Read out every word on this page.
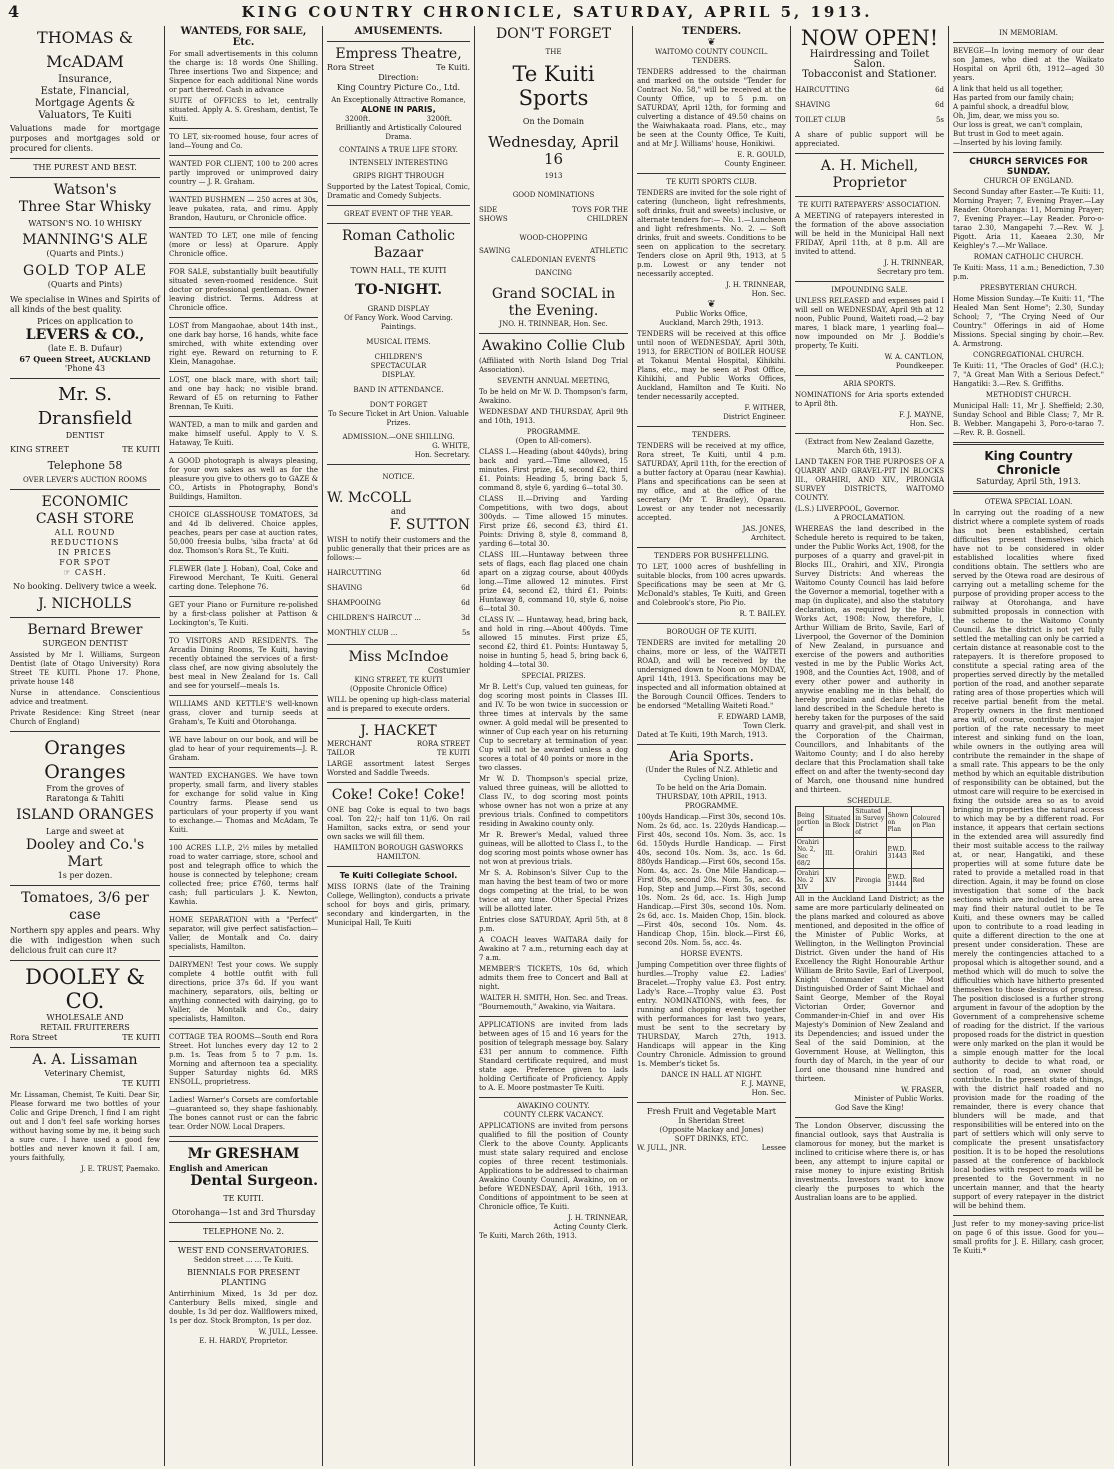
4	KING COUNTRY CHRONICLE, SATURDAY, APRIL 5, 1913.
THOMAS & McADAM
Insurance,
Estate, Financial,
Mortgage Agents &
Valuators, Te Kuiti

Valuations made for mortgage purposes and mortgages sold or procured for clients.

THE PUREST AND BEST.
Watson's
Three Star Whisky
WATSON'S NO. 10 WHISKY
MANNING'S ALE
(Quarts and Pints.)
GOLD TOP ALE
(Quarts and Pints)

We specialise in Wines and Spirits of all kinds of the best quality.

Prices on application to
LEVERS & CO.,
(late E. B. Dufaur)
67 Queen Street, AUCKLAND
'Phone 43
Mr. S. Dransfield
DENTIST
KING STREET	TE KUITI
Telephone 58
OVER LEVER'S AUCTION ROOMS
ECONOMIC
CASH STORE
ALL ROUND
REDUCTIONS
IN PRICES
FOR SPOT
☞ CASH.
No booking. Delivery twice a week.
J. NICHOLLS
Bernard Brewer
SURGEON DENTIST

Assisted by Mr I. Williams, Surgeon Dentist (late of Otago University) Rora Street TE KUITI. Phone 17. Phone, private house 148

Nurse in attendance. Conscientious advice and treatment.

Private Residence: King Street (near Church of England)

Oranges Oranges
From the groves of
Raratonga & Tahiti
ISLAND ORANGES
Large and sweet at
Dooley and Co.'s Mart
1s per dozen.
Tomatoes, 3/6 per case

Northern spy apples and pears. Why die with indigestion when such delicious fruit can cure it?

DOOLEY & CO.
WHOLESALE AND
RETAIL FRUITERERS
Rora Street	TE KUITI
A. A. Lissaman
Veterinary Chemist,
TE KUITI

Mr. Lissaman, Chemist, Te Kuiti. Dear Sir, Please forward me two bottles of your Colic and Gripe Drench, I find I am right out and I don't feel safe working horses without having some by me, it being such a sure cure. I have used a good few bottles and never known it fail. I am, yours faithfully,

J. E. TRUST, Paemako.
WANTEDS, FOR SALE, Etc.

For small advertisements in this column the charge is: 18 words One Shilling. Three insertions Two and Sixpence; and Sixpence for each additional Nine words or part thereof. Cash in advance

SUITE of OFFICES to let, centrally situated. Apply A. S. Gresham, dentist, Te Kuiti.

TO LET, six-roomed house, four acres of land—Young and Co.

WANTED FOR CLIENT, 100 to 200 acres partly improved or unimproved dairy country — J. R. Graham.

WANTED BUSHMEN — 250 acres at 30s, leave pukatea, rata, and rimu. Apply Brandon, Hauturu, or Chronicle office.

WANTED TO LET, one mile of fencing (more or less) at Oparure. Apply Chronicle office.

FOR SALE, substantially built beautifully situated seven-roomed residence. Suit doctor or professional gentleman. Owner leaving district. Terms. Address at Chronicle office.

LOST from Mangaohae, about 14th inst., one dark bay horse, 16 hands, white face smirched, with white extending over right eye. Reward on returning to F. Klein, Managohae.

LOST, one black mare, with short tail; and one bay hack; no visible brand. Reward of £5 on returning to Father Brennan, Te Kuiti.

WANTED, a man to milk and garden and make himself useful. Apply to V. S. Hataway, Te Kuiti.

A GOOD photograph is always pleasing, for your own sakes as well as for the pleasure you give to others go to GAZE & CO., Artists in Photography, Bond's Buildings, Hamilton.

CHOICE GLASSHOUSE TOMATOES, 3d and 4d lb delivered. Choice apples, peaches, pears per case at auction rates, 50,000 freesia bulbs, 'siba fracta' at 6d doz. Thomson's Rora St., Te Kuiti.

FLEWER (late J. Hoban), Coal, Coke and Firewood Merchant, Te Kuiti. General carting done. Telephone 76.

GET your Piano or Furniture re-polished by a first-class polisher at Pattison & Lockington's, Te Kuiti.

TO VISITORS AND RESIDENTS. The Arcadia Dining Rooms, Te Kuiti, having recently obtained the services of a first-class chef, are now giving absolutely the best meal in New Zealand for 1s. Call and see for yourself—meals 1s.

WILLIAMS AND KETTLE'S well-known grass, clover and turnip seeds at Graham's, Te Kuiti and Otorohanga.

WE have labour on our book, and will be glad to hear of your requirements—J. R. Graham.

WANTED EXCHANGES. We have town property, small farm, and livery stables for exchange for solid value in King Country farms. Please send us particulars of your property if you want to exchange.— Thomas and McAdam, Te Kuiti.

100 ACRES L.I.P., 2½ miles by metalled road to water carriage, store, school and post and telegraph office to which the house is connected by telephone; cream collected free; price £760, terms half cash; full particulars J. K. Newton, Kawhia.

HOME SEPARATION with a "Perfect" separator, will give perfect satisfaction—Valler, de Montalk and Co. dairy specialists, Hamilton.

DAIRYMEN! Test your cows. We supply complete 4 bottle outfit with full directions, price 37s 6d. If you want machinery, separators, oils, belting or anything connected with dairying, go to Valler, de Montalk and Co., dairy specialists, Hamilton.

COTTAGE TEA ROOMS—South end Rora Street. Hot lunches every day 12 to 2 p.m. 1s. Teas from 5 to 7 p.m. 1s. Morning and afternoon tea a speciality. Supper Saturday nights 6d. MRS ENSOLL, proprietress.

Ladies! Warner's Corsets are comfortable—guaranteed so, they shape fashionably. The bones cannot rust or can the fabric tear. Order NOW. Local Drapers.

Mr GRESHAM
English and American
Dental Surgeon.
TE KUITI.
Otorohanga—1st and 3rd Thursday
TELEPHONE No. 2.
WEST END CONSERVATORIES.
Seddon street ... ... Te Kuiti.
BIENNIALS FOR PRESENT PLANTING

Antirrhinium Mixed, 1s 3d per doz. Canterbury Bells mixed, single and double, 1s 3d per doz. Wallflowers mixed, 1s per doz. Stock Brompton, 1s per doz.

W. JULL, Lessee.
E. H. HARDY, Proprietor.
AMUSEMENTS.
Empress Theatre,
Rora Street	Te Kuiti.
Direction:
King Country Picture Co., Ltd.
An Exceptionally Attractive Romance,
ALONE IN PARIS,
3200ft.	3200ft.
Brilliantly and Artistically Coloured Drama.
CONTAINS A TRUE LIFE STORY.
INTENSELY INTERESTING
GRIPS RIGHT THROUGH

Supported by the Latest Topical, Comic, Dramatic and Comedy Subjects.

GREAT EVENT OF THE YEAR.
Roman Catholic Bazaar
TOWN HALL, TE KUITI
TO-NIGHT.
GRAND DISPLAY
Of Fancy Work. Wood Carving. Paintings.
MUSICAL ITEMS.
CHILDREN'S
SPECTACULAR
DISPLAY.
BAND IN ATTENDANCE.
DON'T FORGET
To Secure Ticket in Art Union. Valuable Prizes.
ADMISSION.—ONE SHILLING.
G. WHITE,
Hon. Secretary.
NOTICE.
W. McCOLL
and
F. SUTTON

WISH to notify their customers and the public generally that their prices are as follows:—

HAIRCUTTING	6d
SHAVING	6d
SHAMPOOING	6d
CHILDREN'S HAIRCUT ...	3d
MONTHLY CLUB ...	5s
Miss McIndoe
Costumier
KING STREET, TE KUITI
(Opposite Chronicle Office)

WILL be opening up high-class material and is prepared to execute orders.

J. HACKET
MERCHANT	RORA STREET
TAILOR	TE KUITI

LARGE assortment latest Serges Worsted and Saddle Tweeds.

Coke! Coke! Coke!

ONE bag Coke is equal to two bags coal. Ton 22/-; half ton 11/6. On rail Hamilton, sacks extra, or send your own sacks we will fill them.

HAMILTON BOROUGH GASWORKS HAMILTON.
Te Kuiti Collegiate School.

MISS IORNS (late of the Training College, Wellington), conducts a private school for boys and girls, primary, secondary and kindergarten, in the Municipal Hall, Te Kuiti

DON'T FORGET
THE
Te Kuiti Sports
On the Domain
Wednesday, April 16
1913
GOOD NOMINATIONS
SIDE	TOYS FOR THE
SHOWS	CHILDREN
WOOD-CHOPPING
SAWING	ATHLETIC
CALEDONIAN EVENTS
DANCING
Grand SOCIAL in the Evening.
JNO. H. TRINNEAR, Hon. Sec.
Awakino Collie Club

(Affiliated with North Island Dog Trial Association).

SEVENTH ANNUAL MEETING,

To be held on Mr W. D. Thompson's farm, Awakino.

WEDNESDAY AND THURSDAY, April 9th and 10th, 1913.

PROGRAMME.
(Open to All-comers).

CLASS I.—Heading (about 440yds), bring back and yard.—Time allowed, 15 minutes. First prize, £4, second £2, third £1. Points: Heading 5, bring back 5, command 8, style 6, yarding 6—total 30.

CLASS II.—Driving and Yarding Competitions, with two dogs, about 300yds. — Time allowed 15 minutes. First prize £6, second £3, third £1. Points: Driving 8, style 8, command 8, yarding 6—total 30.

CLASS III.—Huntaway between three sets of flags, each flag placed one chain apart on a zigzag course, about 400yds long.—Time allowed 12 minutes. First prize £4, second £2, third £1. Points: Huntaway 8, command 10, style 6, noise 6—total 30.

CLASS IV. — Huntaway, head, bring back, and hold in ring.—About 400yds. Time allowed 15 minutes. First prize £5, second £2, third £1. Points: Huntaway 5, noise in hunting 5, head 5, bring back 6, holding 4—total 30.

SPECIAL PRIZES.

Mr B. Lett's Cup, valued ten guineas, for dog scoring most points in Classes III. and IV. To be won twice in succession or three times at intervals by the same owner. A gold medal will be presented to winner of Cup each year on his returning Cup to secretary at termination of year. Cup will not be awarded unless a dog scores a total of 40 points or more in the two classes.

Mr W. D. Thompson's special prize, valued three guineas, will be allotted to Class IV., to dog scoring most points whose owner has not won a prize at any previous trials. Confined to competitors residing in Awakino county only.

Mr R. Brewer's Medal, valued three guineas, will be allotted to Class I., to the dog scoring most points whose owner has not won at previous trials.

Mr S. A. Robinson's Silver Cup to the man having the best team of two or more dogs competing at the trial, to be won twice at any time. Other Special Prizes will be allotted later.

Entries close SATURDAY, April 5th, at 8 p.m.

A COACH leaves WAITARA daily for Awakino at 7 a.m., returning each day at 7 a.m.

MEMBER'S TICKETS, 10s 6d, which admits them free to Concert and Ball at night.

WALTER H. SMITH, Hon. Sec. and Treas.
"Bournemouth," Awakino, via Waitara.

APPLICATIONS are invited from lads between ages of 15 and 16 years for the position of telegraph message boy. Salary £31 per annum to commence. Fifth Standard certificate required, and must state age. Preference given to lads holding Certificate of Proficiency. Apply to A. E. Moore postmaster Te Kuiti.

AWAKINO COUNTY.
COUNTY CLERK VACANCY.

APPLICATIONS are invited from persons qualified to fill the position of County Clerk to the above County. Applicants must state salary required and enclose copies of three recent testimonials. Applications to be addressed to chairman Awakino County Council, Awakino, on or before WEDNESDAY, April 16th, 1913. Conditions of appointment to be seen at Chronicle office, Te Kuiti.

J. H. TRINNEAR,
Acting County Clerk.
Te Kuiti, March 26th, 1913.
TENDERS.
❦
WAITOMO COUNTY COUNCIL.
TENDERS.

TENDERS addressed to the chairman and marked on the outside "Tender for Contract No. 58," will be received at the County Office, up to 5 p.m. on SATURDAY, April 12th, for forming and culverting a distance of 49.50 chains on the Waiwhakaata road. Plans, etc., may be seen at the County Office, Te Kuiti, and at Mr J. Williams' house, Honikiwi.

E. R. GOULD,
County Engineer.
TE KUITI SPORTS CLUB.

TENDERS are invited for the sole right of catering (luncheon, light refreshments, soft drinks, fruit and sweets) inclusive, or alternate tenders for:— No. 1.—Luncheon and light refreshments. No. 2. — Soft drinks, fruit and sweets. Conditions to be seen on application to the secretary. Tenders close on April 9th, 1913, at 5 p.m. Lowest or any tender not necessarily accepted.

J. H. TRINNEAR,
Hon. Sec.
❦
Public Works Office,
Auckland, March 29th, 1913.

TENDERS will be received at this office until noon of WEDNESDAY, April 30th, 1913, for ERECTION of BOILER HOUSE at Tokanui Mental Hospital, Kihikihi. Plans, etc., may be seen at Post Office, Kihikihi, and Public Works Offices, Auckland, Hamilton and Te Kuiti. No tender necessarily accepted.

F. WITHER,
District Engineer.
TENDERS.

TENDERS will be received at my office, Rora street, Te Kuiti, until 4 p.m. SATURDAY, April 11th, for the erection of a butter factory at Oparau (near Kawhia). Plans and specifications can be seen at my office, and at the office of the secretary (Mr T. Bradley), Oparau. Lowest or any tender not necessarily accepted.

JAS. JONES,
Architect.
TENDERS FOR BUSHFELLING.

TO LET, 1000 acres of bushfelling in suitable blocks, from 100 acres upwards. Specifications may be seen at Mr G. McDonald's stables, Te Kuiti, and Green and Colebrook's store, Pio Pio.

R. T. BAILEY.
BOROUGH OF TE KUITI.

TENDERS are invited for metalling 20 chains, more or less, of the WAITETI ROAD, and will be received by the undersigned down to Noon on MONDAY, April 14th, 1913. Specifications may be inspected and all information obtained at the Borough Council Offices. Tenders to be endorsed "Metalling Waiteti Road."

F. EDWARD LAMB,
Town Clerk.
Dated at Te Kuiti, 19th March, 1913.
Aria Sports.
(Under the Rules of N.Z. Athletic and Cycling Union).
To be held on the Aria Domain.
THURSDAY, 10th APRIL, 1913.
PROGRAMME.

100yds Handicap.—First 30s, second 10s. Nom. 2s 6d, acc. 1s. 220yds Handicap.—First 40s, second 10s. Nom. 3s, acc. 1s 6d. 150yds Hurdle Handicap. — First 40s, second 10s. Nom. 3s, acc. 1s 6d. 880yds Handicap.—First 60s, second 15s. Nom. 4s, acc. 2s. One Mile Handicap.—First 80s, second 20s. Nom. 5s, acc. 4s. Hop, Step and Jump.—First 30s, second 10s. Nom. 2s 6d, acc. 1s. High Jump Handicap.—First 30s, second 10s. Nom. 2s 6d, acc. 1s. Maiden Chop, 15in. block.—First 40s, second 10s. Nom. 4s. Handicap Chop, 15in. block.—First £6, second 20s. Nom. 5s, acc. 4s.

HORSE EVENTS.

Jumping Competition over three flights of hurdles.—Trophy value £2. Ladies' Bracelet.—Trophy value £3. Post entry. Lady's Race.—Trophy value £3. Post entry. NOMINATIONS, with fees, for running and chopping events, together with performances for last two years, must be sent to the secretary by THURSDAY, March 27th, 1913. Handicaps will appear in the King Country Chronicle. Admission to ground 1s. Member's ticket 5s.

DANCE IN HALL AT NIGHT.
F. J. MAYNE,
Hon. Sec.
Fresh Fruit and Vegetable Mart
In Sheridan Street
(Opposite Mackay and Jones)
SOFT DRINKS, ETC.
W. JULL, JNR.	Lessee
NOW OPEN!
Hairdressing and Toilet Salon.
Tobacconist and Stationer.
HAIRCUTTING	6d
SHAVING	6d
TOILET CLUB	5s

A share of public support will be appreciated.

A. H. Michell, Proprietor
TE KUITI RATEPAYERS' ASSOCIATION.

A MEETING of ratepayers interested in the formation of the above association will be held in the Municipal Hall next FRIDAY, April 11th, at 8 p.m. All are invited to attend.

J. H. TRINNEAR,
Secretary pro tem.
IMPOUNDING SALE.

UNLESS RELEASED and expenses paid I will sell on WEDNESDAY, April 9th at 12 noon, Public Pound, Waiteti road,—2 bay mares, 1 black mare, 1 yearling foal—now impounded on Mr J. Boddie's property, Te Kuiti.

W. A. CANTLON,
Poundkeeper.
ARIA SPORTS.

NOMINATIONS for Aria sports extended to April 8th.

F. J. MAYNE,
Hon. Sec.
(Extract from New Zealand Gazette, March 6th, 1913).

LAND TAKEN FOR THE PURPOSES OF A QUARRY AND GRAVEL-PIT IN BLOCKS III., ORAHIRI, AND XIV., PIRONGIA SURVEY DISTRICTS, WAITOMO COUNTY.

(L.S.) LIVERPOOL, Governor.
A PROCLAMATION.

WHEREAS the land described in the Schedule hereto is required to be taken, under the Public Works Act, 1908, for the purposes of a quarry and gravel-pit in Blocks III., Orahiri, and XIV., Pirongia Survey Districts: And whereas the Waitomo County Council has laid before the Governor a memorial, together with a map (in duplicate), and also the statutory declaration, as required by the Public Works Act, 1908: Now, therefore, I, Arthur William de Brito, Savile, Earl of Liverpool, the Governor of the Dominion of New Zealand, in pursuance and exercise of the powers and authorities vested in me by the Public Works Act, 1908, and the Counties Act, 1908, and of every other power and authority in anywise enabling me in this behalf, do hereby proclaim and declare that the land described in the Schedule hereto is hereby taken for the purposes of the said quarry and gravel-pit, and shall vest in the Corporation of the Chairman, Councillors, and Inhabitants of the Waitomo County; and I do also hereby declare that this Proclamation shall take effect on and after the twenty-second day of March, one thousand nine hundred and thirteen.

SCHEDULE.
Being portion of	Situated in Block	Situated in Survey District of	Shown on Plan	Coloured on Plan
Orahiri No. 2, Sec 68/2	III.	Orahiri	P.W.D. 31443	Red
Orahiri No. 2 XIV	XIV	Pirongia	P.W.D. 31444	Red

All in the Auckland Land District; as the same are more particularly delineated on the plans marked and coloured as above mentioned, and deposited in the office of the Minister of Public Works, at Wellington, in the Wellington Provincial District. Given under the hand of His Excellency the Right Honourable Arthur William de Brito Savile, Earl of Liverpool, Knight Commander of the Most Distinguished Order of Saint Michael and Saint George, Member of the Royal Victorian Order, Governor and Commander-in-Chief in and over His Majesty's Dominion of New Zealand and its Dependencies; and issued under the Seal of the said Dominion, at the Government House, at Wellington, this fourth day of March, in the year of our Lord one thousand nine hundred and thirteen.

W. FRASER,
Minister of Public Works.
God Save the King!

The London Observer, discussing the financial outlook, says that Australia is clamorous for money, but the market is inclined to criticise where there is, or has been, any attempt to injure capital or raise money to injure existing British investments. Investors want to know clearly the purposes to which the Australian loans are to be applied.

IN MEMORIAM.

BEVEGE—In loving memory of our dear son James, who died at the Waikato Hospital on April 6th, 1912—aged 30 years.

A link that held us all together,
Has parted from our family chain;
A painful shock, a dreadful blow,
Oh, Jim, dear, we miss you so.
Our loss is great, we can't complain,
But trust in God to meet again.
—Inserted by his loving family.
CHURCH SERVICES FOR SUNDAY.
CHURCH OF ENGLAND.

Second Sunday after Easter.—Te Kuiti: 11, Morning Prayer; 7, Evening Prayer.—Lay Reader. Otorohanga: 11, Morning Prayer; 7, Evening Prayer.—Lay Reader. Poro-o-tarao 2.30, Mangapehi 7.—Rev. W. J. Pigott. Aria 11, Kaeaea 2.30, Mr Keighley's 7.—Mr Wallace.

ROMAN CATHOLIC CHURCH.

Te Kuiti: Mass, 11 a.m.; Benediction, 7.30 p.m.

PRESBYTERIAN CHURCH.

Home Mission Sunday.—Te Kuiti: 11, "The Healed Man Sent Home"; 2.30, Sunday School; 7, "The Crying Need of Our Country." Offerings in aid of Home Missions. Special singing by choir.—Rev. A. Armstrong.

CONGREGATIONAL CHURCH.

Te Kuiti: 11, "The Oracles of God" (H.C.); 7, "A Great Man With a Serious Defect." Hangatiki: 3.—Rev. S. Griffiths.

METHODIST CHURCH.

Municipal Hall: 11, Mr J. Sheffield; 2.30, Sunday School and Bible Class; 7, Mr R. B. Webber. Mangapehi 3, Poro-o-tarao 7.—Rev. R. B. Gosnell.

King Country Chronicle
Saturday, April 5th, 1913.
OTEWA SPECIAL LOAN.

In carrying out the roading of a new district where a complete system of roads has not been established, certain difficulties present themselves which have not to be considered in older established localities where fixed conditions obtain. The settlers who are served by the Otewa road are desirous of carrying out a metalling scheme for the purpose of providing proper access to the railway at Otorohanga, and have submitted proposals in connection with the scheme to the Waitomo County Council. As the district is not yet fully settled the metalling can only be carried a certain distance at reasonable cost to the ratepayers. It is therefore proposed to constitute a special rating area of the properties served directly by the metalled portion of the road, and another separate rating area of those properties which will receive partial benefit from the metal. Property owners in the first mentioned area will, of course, contribute the major portion of the rate necessary to meet interest and sinking fund on the loan, while owners in the outlying area will contribute the remainder in the shape of a small rate. This appears to be the only method by which an equitable distribution of responsibility can be obtained, but the utmost care will require to be exercised in fixing the outside area so as to avoid bringing in properties the natural access to which may be by a different road. For instance, it appears that certain sections in the extended area will assuredly find their most suitable access to the railway at, or near, Hangatiki, and these properties will at some future date be rated to provide a metalled road in that direction. Again, it may be found on close investigation that some of the back sections which are included in the area may find their natural outlet to be Te Kuiti, and these owners may be called upon to contribute to a road leading in quite a different direction to the one at present under consideration. These are merely the contingencies attached to a proposal which is altogether sound, and a method which will do much to solve the difficulties which have hitherto presented themselves to those desirous of progress. The position disclosed is a further strong argument in favour of the adoption by the Government of a comprehensive scheme of roading for the district. If the various proposed roads for the district in question were only marked on the plan it would be a simple enough matter for the local authority to decide to what road, or section of road, an owner should contribute. In the present state of things, with the district half roaded and no provision made for the roading of the remainder, there is every chance that blunders will be made, and that responsibilities will be entered into on the part of settlers which will only serve to complicate the present unsatisfactory position. It is to be hoped the resolutions passed at the conference of backblock local bodies with respect to roads will be presented to the Government in no uncertain manner, and that the hearty support of every ratepayer in the district will be behind them.

Just refer to my money-saving price-list on page 6 of this issue. Good for you—small profits for J. E. Hillary, cash grocer, Te Kuiti.*
